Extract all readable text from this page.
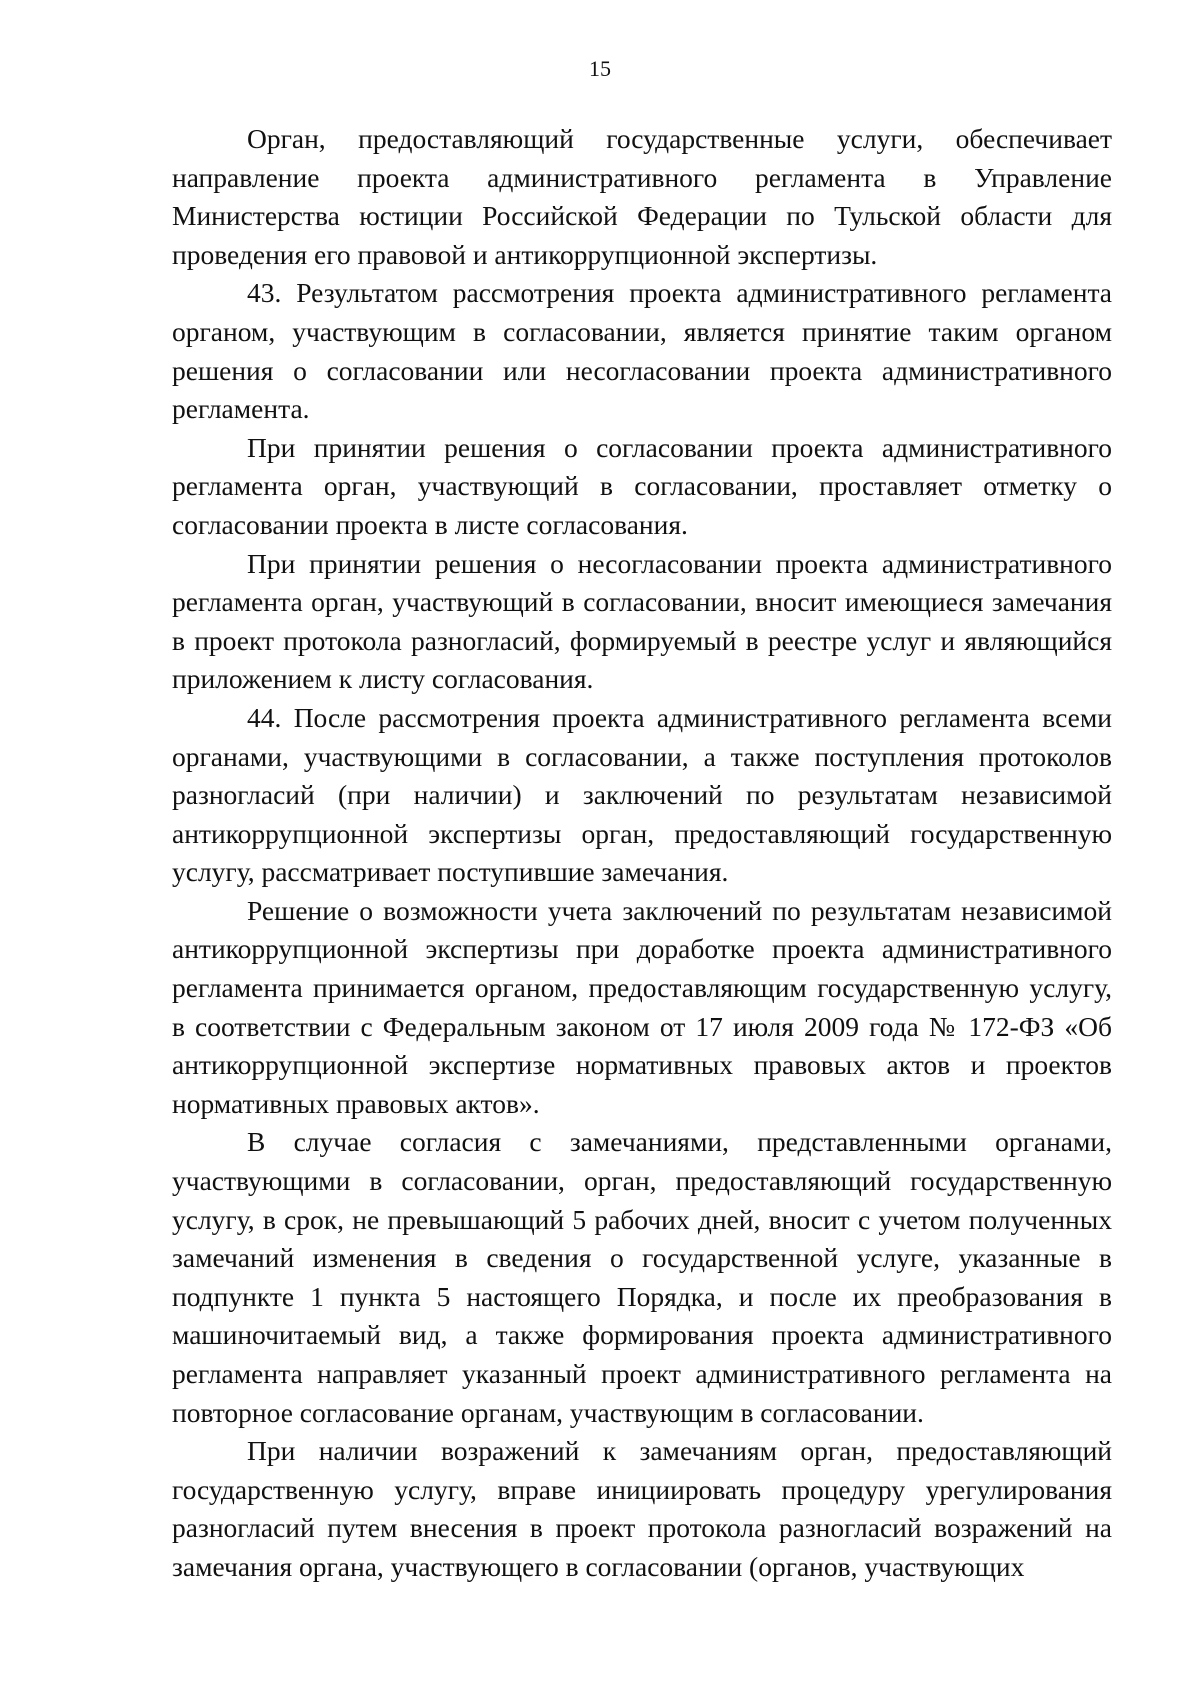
15

Орган, предоставляющий государственные услуги, обеспечивает направление проекта административного регламента в Управление Министерства юстиции Российской Федерации по Тульской области для проведения его правовой и антикоррупционной экспертизы.

43. Результатом рассмотрения проекта административного регламента органом, участвующим в согласовании, является принятие таким органом решения о согласовании или несогласовании проекта административного регламента.

При принятии решения о согласовании проекта административного регламента орган, участвующий в согласовании, проставляет отметку о согласовании проекта в листе согласования.

При принятии решения о несогласовании проекта административного регламента орган, участвующий в согласовании, вносит имеющиеся замечания в проект протокола разногласий, формируемый в реестре услуг и являющийся приложением к листу согласования.

44. После рассмотрения проекта административного регламента всеми органами, участвующими в согласовании, а также поступления протоколов разногласий (при наличии) и заключений по результатам независимой антикоррупционной экспертизы орган, предоставляющий государственную услугу, рассматривает поступившие замечания.

Решение о возможности учета заключений по результатам независимой антикоррупционной экспертизы при доработке проекта административного регламента принимается органом, предоставляющим государственную услугу, в соответствии с Федеральным законом от 17 июля 2009 года № 172-ФЗ «Об антикоррупционной экспертизе нормативных правовых актов и проектов нормативных правовых актов».

В случае согласия с замечаниями, представленными органами, участвующими в согласовании, орган, предоставляющий государственную услугу, в срок, не превышающий 5 рабочих дней, вносит с учетом полученных замечаний изменения в сведения о государственной услуге, указанные в подпункте 1 пункта 5 настоящего Порядка, и после их преобразования в машиночитаемый вид, а также формирования проекта административного регламента направляет указанный проект административного регламента на повторное согласование органам, участвующим в согласовании.

При наличии возражений к замечаниям орган, предоставляющий государственную услугу, вправе инициировать процедуру урегулирования разногласий путем внесения в проект протокола разногласий возражений на замечания органа, участвующего в согласовании (органов, участвующих
